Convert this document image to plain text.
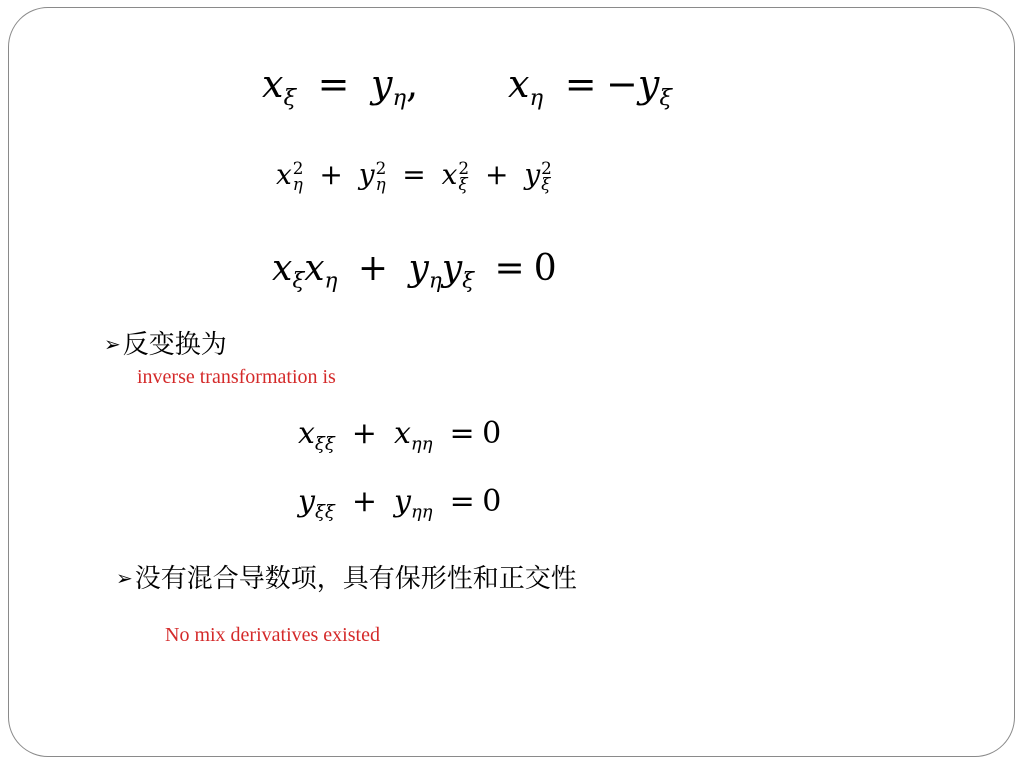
$x_\xi = y_\eta$, $x_\eta = -y_\xi$
x 2
η + y 2
η = x 2
ξ + y 2
ξ
$x_\xi x_\eta + y_\eta y_\xi = 0$
➢反变换为
inverse transformation is
$x_{\xi\xi} + x_{\eta\eta} = 0$
$y_{\xi\xi} + y_{\eta\eta} = 0$
➢没有混合导数项，具有保形性和正交性
No mix derivatives existed
